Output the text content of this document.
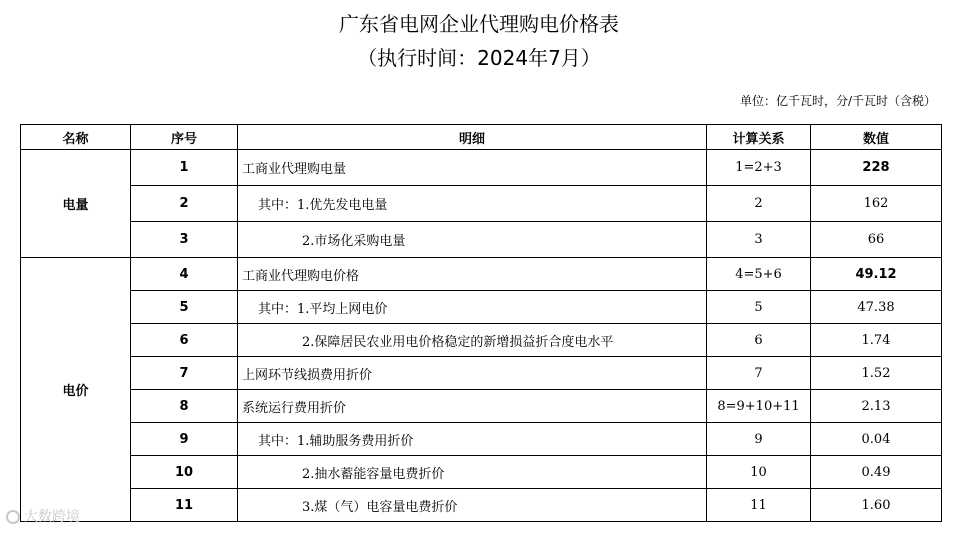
广东省电网企业代理购电价格表
（执行时间：2024年7月）
单位：亿千瓦时，分/千瓦时（含税）
名称	序号	明细	计算关系	数值
电量	1	工商业代理购电量	1=2+3	228
	2	其中：1.优先发电电量	2	162
	3	2.市场化采购电量	3	66
电价	4	工商业代理购电价格	4=5+6	49.12
	5	其中：1.平均上网电价	5	47.38
	6	2.保障居民农业用电价格稳定的新增损益折合度电水平	6	1.74
	7	上网环节线损费用折价	7	1.52
	8	系统运行费用折价	8=9+10+11	2.13
	9	其中：1.辅助服务费用折价	9	0.04
	10	2.抽水蓄能容量电费折价	10	0.49
	11	3.煤（气）电容量电费折价	11	1.60
大数跨境
